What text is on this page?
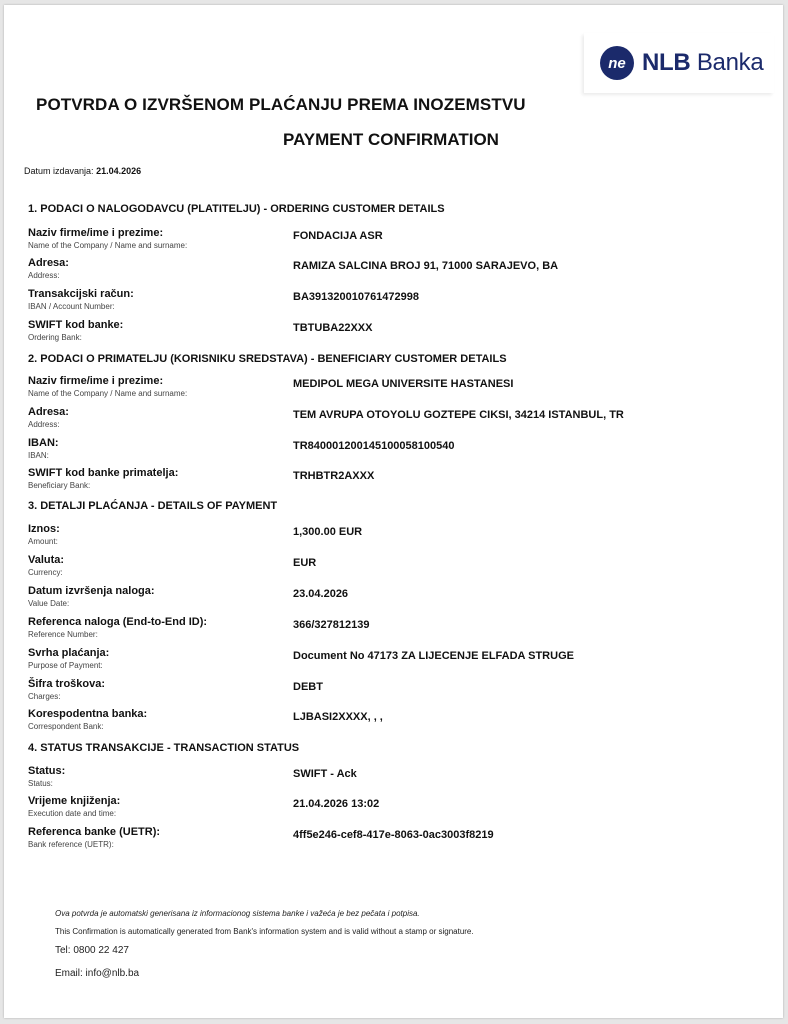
ne NLB Banka
POTVRDA O IZVRŠENOM PLAĆANJU PREMA INOZEMSTVU
PAYMENT CONFIRMATION
Datum izdavanja: 21.04.2026
1. PODACI O NALOGODAVCU (PLATITELJU) - ORDERING CUSTOMER DETAILS
Naziv firme/ime i prezime:
Name of the Company / Name and surname:
FONDACIJA ASR
Adresa:
Address:
RAMIZA SALCINA BROJ 91, 71000 SARAJEVO, BA
Transakcijski račun:
IBAN / Account Number:
BA391320010761472998
SWIFT kod banke:
Ordering Bank:
TBTUBA22XXX
2. PODACI O PRIMATELJU (KORISNIKU SREDSTAVA) - BENEFICIARY CUSTOMER DETAILS
Naziv firme/ime i prezime:
Name of the Company / Name and surname:
MEDIPOL MEGA UNIVERSITE HASTANESI
Adresa:
Address:
TEM AVRUPA OTOYOLU GOZTEPE CIKSI, 34214 ISTANBUL, TR
IBAN:
IBAN:
TR840001200145100058100540
SWIFT kod banke primatelja:
Beneficiary Bank:
TRHBTR2AXXX
3. DETALJI PLAĆANJA - DETAILS OF PAYMENT
Iznos:
Amount:
1,300.00 EUR
Valuta:
Currency:
EUR
Datum izvršenja naloga:
Value Date:
23.04.2026
Referenca naloga (End-to-End ID):
Reference Number:
366/327812139
Svrha plaćanja:
Purpose of Payment:
Document No 47173 ZA LIJECENJE ELFADA STRUGE
Šifra troškova:
Charges:
DEBT
Korespodentna banka:
Correspondent Bank:
LJBASI2XXXX, , ,
4. STATUS TRANSAKCIJE - TRANSACTION STATUS
Status:
Status:
SWIFT - Ack
Vrijeme knjiženja:
Execution date and time:
21.04.2026 13:02
Referenca banke (UETR):
Bank reference (UETR):
4ff5e246-cef8-417e-8063-0ac3003f8219
Ova potvrda je automatski generisana iz informacionog sistema banke i važeća je bez pečata i potpisa.
This Confirmation is automatically generated from Bank's information system and is valid without a stamp or signature.
Tel: 0800 22 427
Email: info@nlb.ba
